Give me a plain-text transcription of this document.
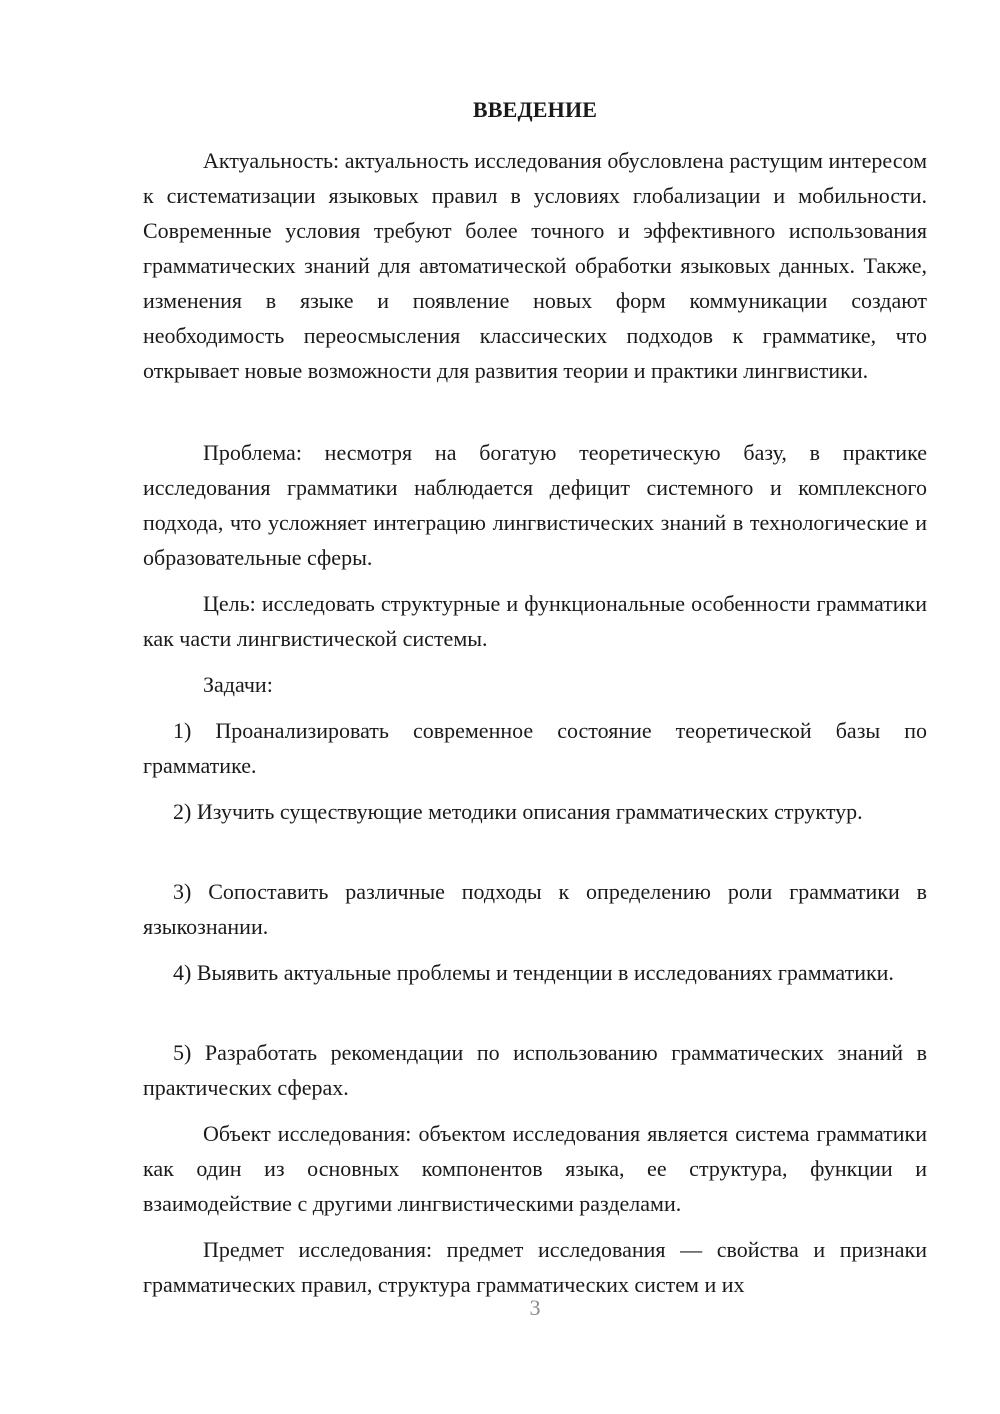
ВВЕДЕНИЕ
Актуальность: актуальность исследования обусловлена растущим интересом к систематизации языковых правил в условиях глобализации и мобильности. Современные условия требуют более точного и эффективного использования грамматических знаний для автоматической обработки языковых данных. Также, изменения в языке и появление новых форм коммуникации создают необходимость переосмысления классических подходов к грамматике, что открывает новые возможности для развития теории и практики лингвистики.
Проблема: несмотря на богатую теоретическую базу, в практике исследования грамматики наблюдается дефицит системного и комплексного подхода, что усложняет интеграцию лингвистических знаний в технологические и образовательные сферы.
Цель: исследовать структурные и функциональные особенности грамматики как части лингвистической системы.
Задачи:
1) Проанализировать современное состояние теоретической базы по грамматике.
2) Изучить существующие методики описания грамматических структур.
3) Сопоставить различные подходы к определению роли грамматики в языкознании.
4) Выявить актуальные проблемы и тенденции в исследованиях грамматики.
5) Разработать рекомендации по использованию грамматических знаний в практических сферах.
Объект исследования: объектом исследования является система грамматики как один из основных компонентов языка, ее структура, функции и взаимодействие с другими лингвистическими разделами.
Предмет исследования: предмет исследования — свойства и признаки грамматических правил, структура грамматических систем и их
3
